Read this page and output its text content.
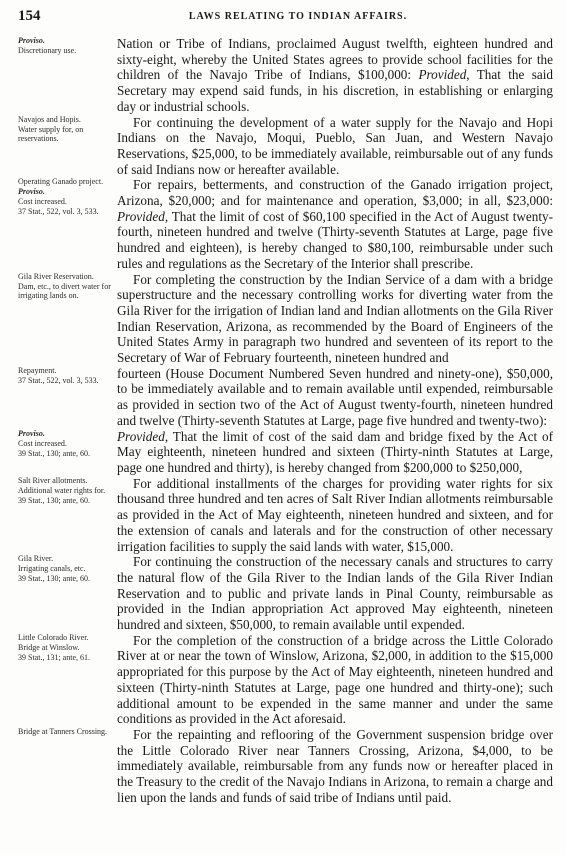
154	LAWS RELATING TO INDIAN AFFAIRS.
Proviso.
Discretionary use.	Nation or Tribe of Indians, proclaimed August twelfth, eighteen hundred and sixty-eight, whereby the United States agrees to provide school facilities for the children of the Navajo Tribe of Indians, $100,000: Provided, That the said Secretary may expend said funds, in his discretion, in establishing or enlarging day or industrial schools.
Navajos and Hopis.
Water supply for, on reservations.
For continuing the development of a water supply for the Navajo and Hopi Indians on the Navajo, Moqui, Pueblo, San Juan, and Western Navajo Reservations, $25,000, to be immediately available, reimbursable out of any funds of said Indians now or hereafter available.
Operating Ganado project.
Proviso.
Cost increased.
37 Stat., 522, vol. 3, 533.
For repairs, betterments, and construction of the Ganado irrigation project, Arizona, $20,000; and for maintenance and operation, $3,000; in all, $23,000: Provided, That the limit of cost of $60,100 specified in the Act of August twenty-fourth, nineteen hundred and twelve (Thirty-seventh Statutes at Large, page five hundred and eighteen), is hereby changed to $80,100, reimbursable under such rules and regulations as the Secretary of the Interior shall prescribe.
Gila River Reservation.
Dam, etc., to divert water for irrigating lands on.
For completing the construction by the Indian Service of a dam with a bridge superstructure and the necessary controlling works for diverting water from the Gila River for the irrigation of Indian land and Indian allotments on the Gila River Indian Reservation, Arizona, as recommended by the Board of Engineers of the United States Army in paragraph two hundred and seventeen of its report to the Secretary of War of February fourteenth, nineteen hundred and
Repayment.
37 Stat., 522, vol. 3, 533.	fourteen (House Document Numbered Seven hundred and ninety-one), $50,000, to be immediately available and to remain available until expended, reimbursable as provided in section two of the Act of August twenty-fourth, nineteen hundred and twelve (Thirty-seventh Statutes at Large, page five hundred and twenty-two):
Proviso.
Cost increased.
39 Stat., 130; ante, 60.
Provided, That the limit of cost of the said dam and bridge fixed by the Act of May eighteenth, nineteen hundred and sixteen (Thirty-ninth Statutes at Large, page one hundred and thirty), is hereby changed from $200,000 to $250,000,
Salt River allotments.
Additional water rights for.
39 Stat., 130; ante, 60.
For additional installments of the charges for providing water rights for six thousand three hundred and ten acres of Salt River Indian allotments reimbursable as provided in the Act of May eighteenth, nineteen hundred and sixteen, and for the extension of canals and laterals and for the construction of other necessary irrigation facilities to supply the said lands with water, $15,000.
Gila River.
Irrigating canals, etc.
39 Stat., 130; ante, 60.
For continuing the construction of the necessary canals and structures to carry the natural flow of the Gila River to the Indian lands of the Gila River Indian Reservation and to public and private lands in Pinal County, reimbursable as provided in the Indian appropriation Act approved May eighteenth, nineteen hundred and sixteen, $50,000, to remain available until expended.
Little Colorado River.
Bridge at Winslow.
39 Stat., 131; ante, 61.
For the completion of the construction of a bridge across the Little Colorado River at or near the town of Winslow, Arizona, $2,000, in addition to the $15,000 appropriated for this purpose by the Act of May eighteenth, nineteen hundred and sixteen (Thirty-ninth Statutes at Large, page one hundred and thirty-one); such additional amount to be expended in the same manner and under the same conditions as provided in the Act aforesaid.
Bridge at Tanners Crossing.	For the repainting and reflooring of the Government suspension bridge over the Little Colorado River near Tanners Crossing, Arizona, $4,000, to be immediately available, reimbursable from any funds now or hereafter placed in the Treasury to the credit of the Navajo Indians in Arizona, to remain a charge and lien upon the lands and funds of said tribe of Indians until paid.
